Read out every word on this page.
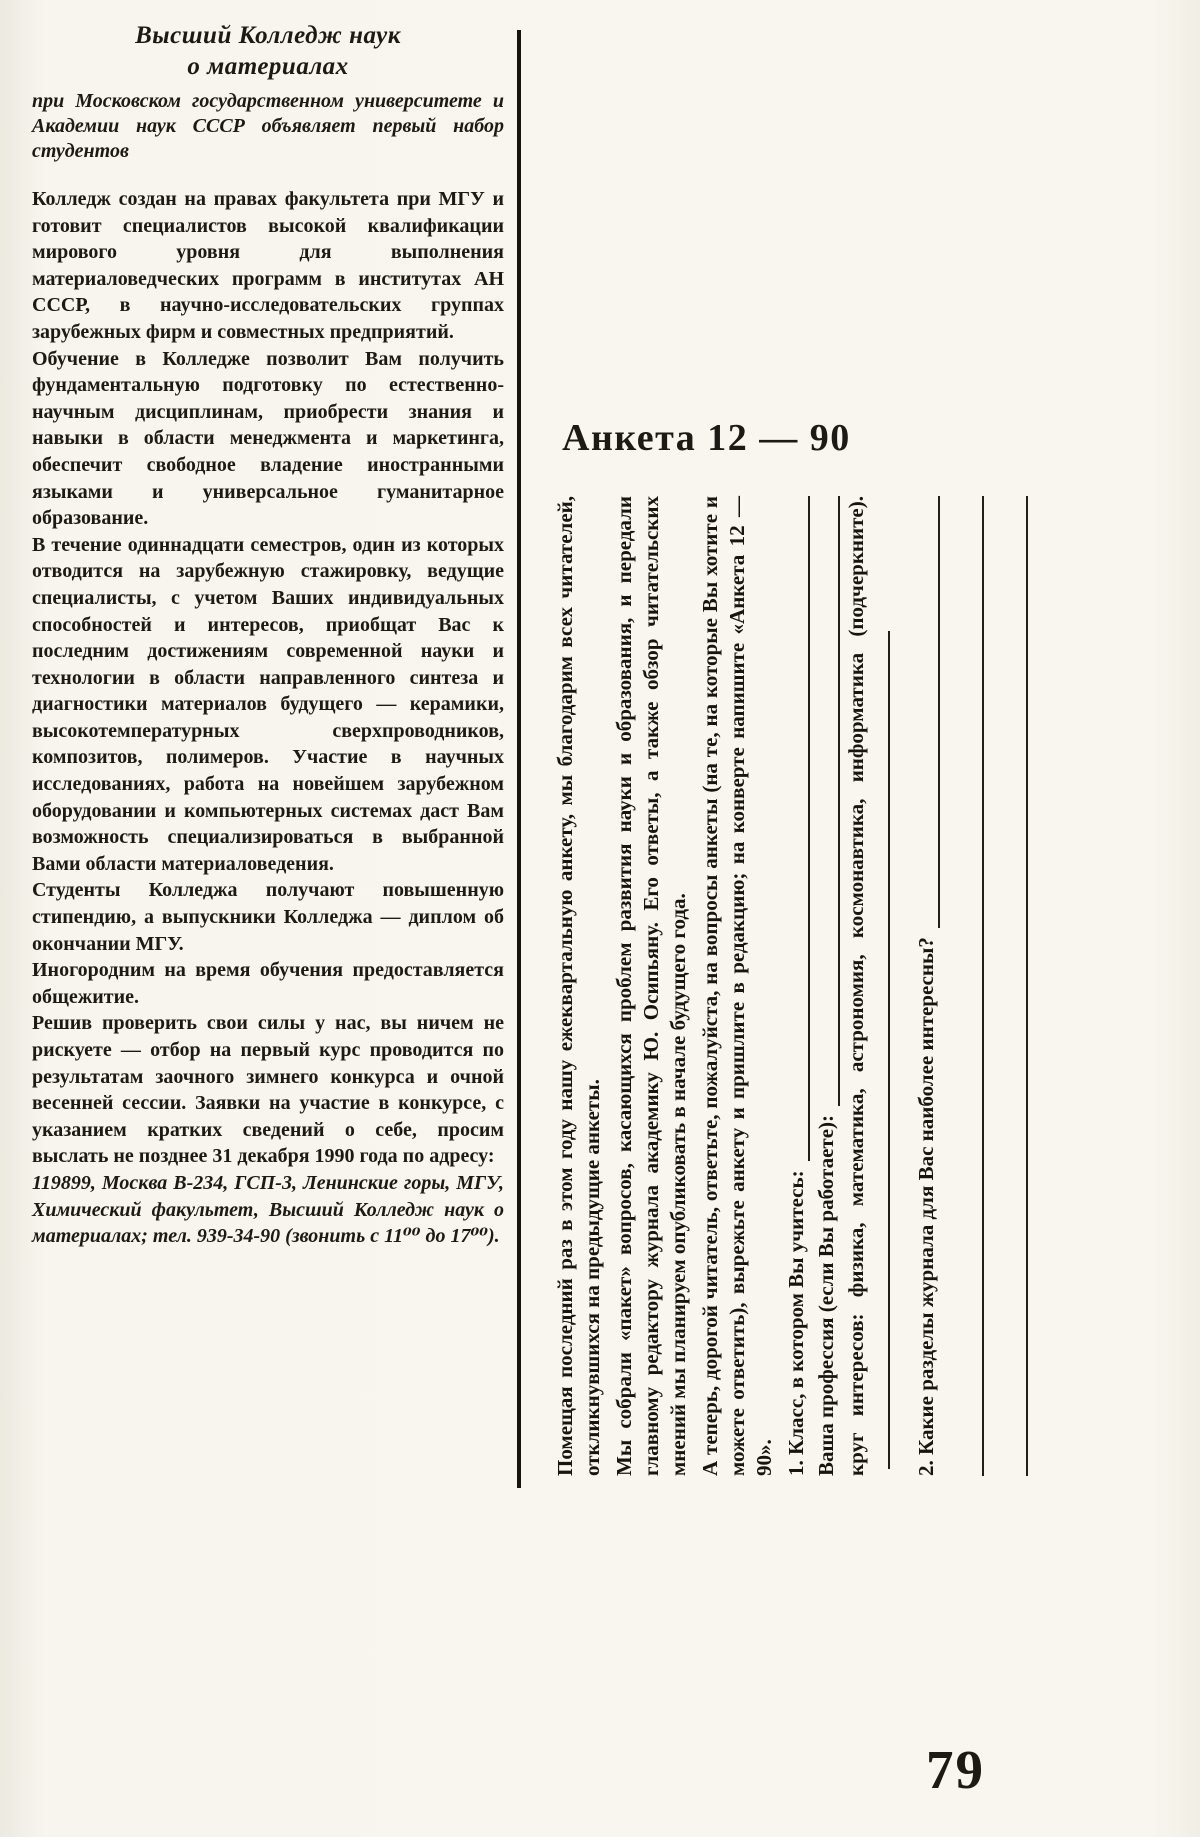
Высший Колледж наук
о материалах
при Московском государственном университете и Академии наук СССР объявляет первый набор студентов

Колледж создан на правах факультета при МГУ и готовит специалистов высокой квалификации мирового уровня для выполнения материаловедческих программ в институтах АН СССР, в научно-исследовательских группах зарубежных фирм и совместных предприятий.

Обучение в Колледже позволит Вам получить фундаментальную подготовку по естественно-научным дисциплинам, приобрести знания и навыки в области менеджмента и маркетинга, обеспечит свободное владение иностранными языками и универсальное гуманитарное образование.

В течение одиннадцати семестров, один из которых отводится на зарубежную стажировку, ведущие специалисты, с учетом Ваших индивидуальных способностей и интересов, приобщат Вас к последним достижениям современной науки и технологии в области направленного синтеза и диагностики материалов будущего — керамики, высокотемпературных сверхпроводников, композитов, полимеров. Участие в научных исследованиях, работа на новейшем зарубежном оборудовании и компьютерных системах даст Вам возможность специализироваться в выбранной Вами области материаловедения.

Студенты Колледжа получают повышенную стипендию, а выпускники Колледжа — диплом об окончании МГУ.

Иногородним на время обучения предоставляется общежитие.

Решив проверить свои силы у нас, вы ничем не рискуете — отбор на первый курс проводится по результатам заочного зимнего конкурса и очной весенней сессии. Заявки на участие в конкурсе, с указанием кратких сведений о себе, просим выслать не позднее 31 декабря 1990 года по адресу:

119899, Москва В-234, ГСП-3, Ленинские горы, МГУ, Химический факультет, Высший Колледж наук о материалах; тел. 939-34-90 (звонить с 11⁰⁰ до 17⁰⁰).

Анкета 12 — 90

Помещая последний раз в этом году нашу ежеквартальную анкету, мы благодарим всех читателей, откликнувшихся на предыдущие анкеты. Мы собрали «пакет» вопросов, касающихся проблем развития науки и образования, и передали главному редактору журнала академику Ю. Осипьяну. Его ответы, а также обзор читательских мнений мы планируем опубликовать в начале будущего года. А теперь, дорогой читатель, ответьте, пожалуйста, на вопросы анкеты (на те, на которые Вы хотите и можете ответить), вырежьте анкету и пришлите в редакцию; на конверте напишите «Анкета 12 — 90». 1. Класс, в котором Вы учитесь: Ваша профессия (если Вы работаете): круг интересов: физика, математика, астрономия, космонавтика, информатика (подчеркните).	2. Какие разделы журнала для Вас наиболее интересны?
79
